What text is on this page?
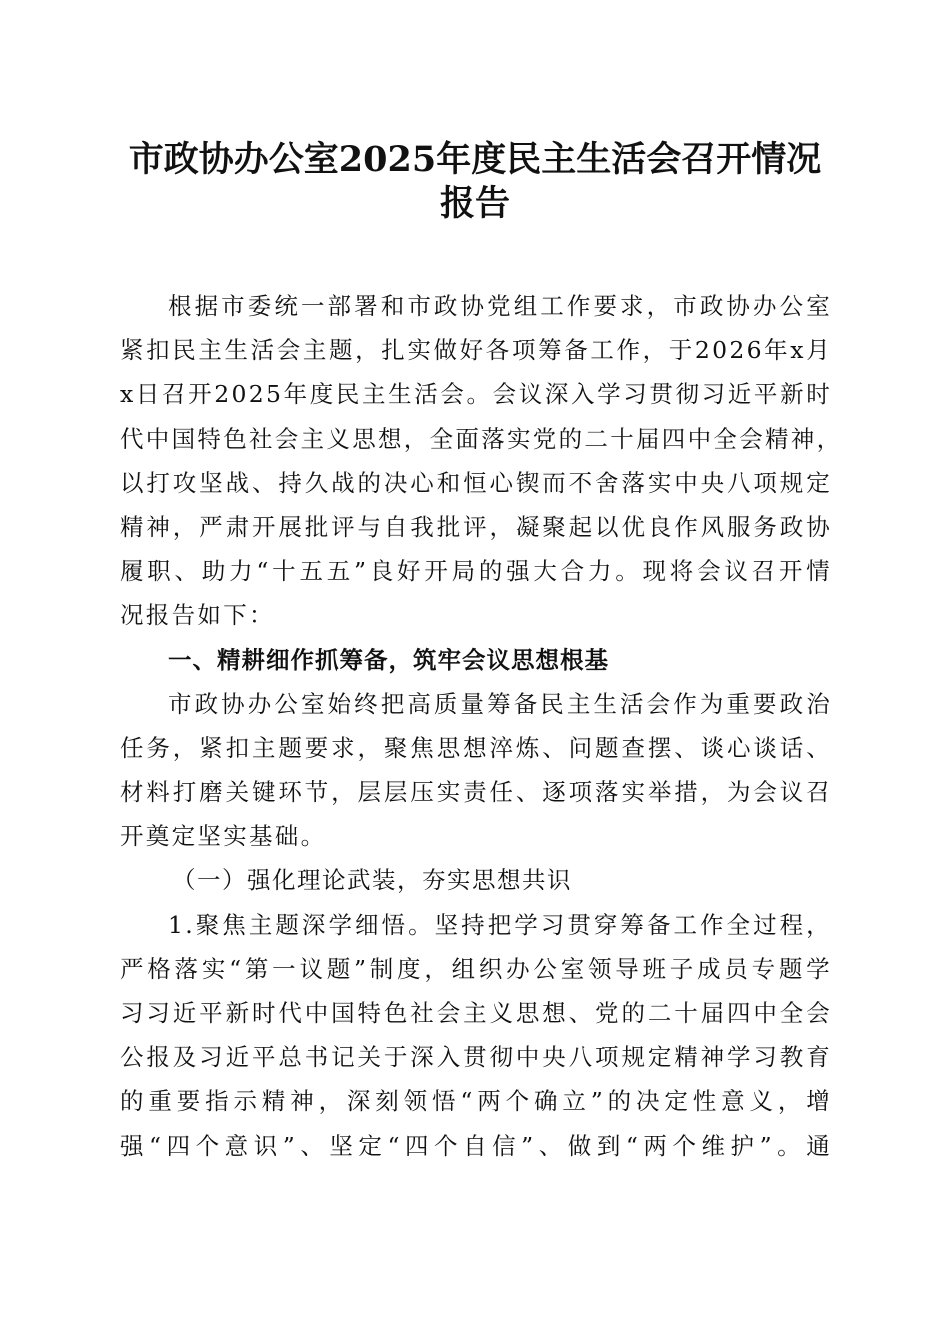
市政协办公室2025年度民主生活会召开情况
报告
根据市委统一部署和市政协党组工作要求，市政协办公室
紧扣民主生活会主题，扎实做好各项筹备工作，于2026年x月
x日召开2025年度民主生活会。会议深入学习贯彻习近平新时
代中国特色社会主义思想，全面落实党的二十届四中全会精神，
以打攻坚战、持久战的决心和恒心锲而不舍落实中央八项规定
精神，严肃开展批评与自我批评，凝聚起以优良作风服务政协
履职、助力“十五五”良好开局的强大合力。现将会议召开情
况报告如下：
一、精耕细作抓筹备，筑牢会议思想根基
市政协办公室始终把高质量筹备民主生活会作为重要政治
任务，紧扣主题要求，聚焦思想淬炼、问题查摆、谈心谈话、
材料打磨关键环节，层层压实责任、逐项落实举措，为会议召
开奠定坚实基础。
（一）强化理论武装，夯实思想共识
1.聚焦主题深学细悟。坚持把学习贯穿筹备工作全过程，
严格落实“第一议题”制度，组织办公室领导班子成员专题学
习习近平新时代中国特色社会主义思想、党的二十届四中全会
公报及习近平总书记关于深入贯彻中央八项规定精神学习教育
的重要指示精神，深刻领悟“两个确立”的决定性意义，增
强“四个意识”、坚定“四个自信”、做到“两个维护”。通
